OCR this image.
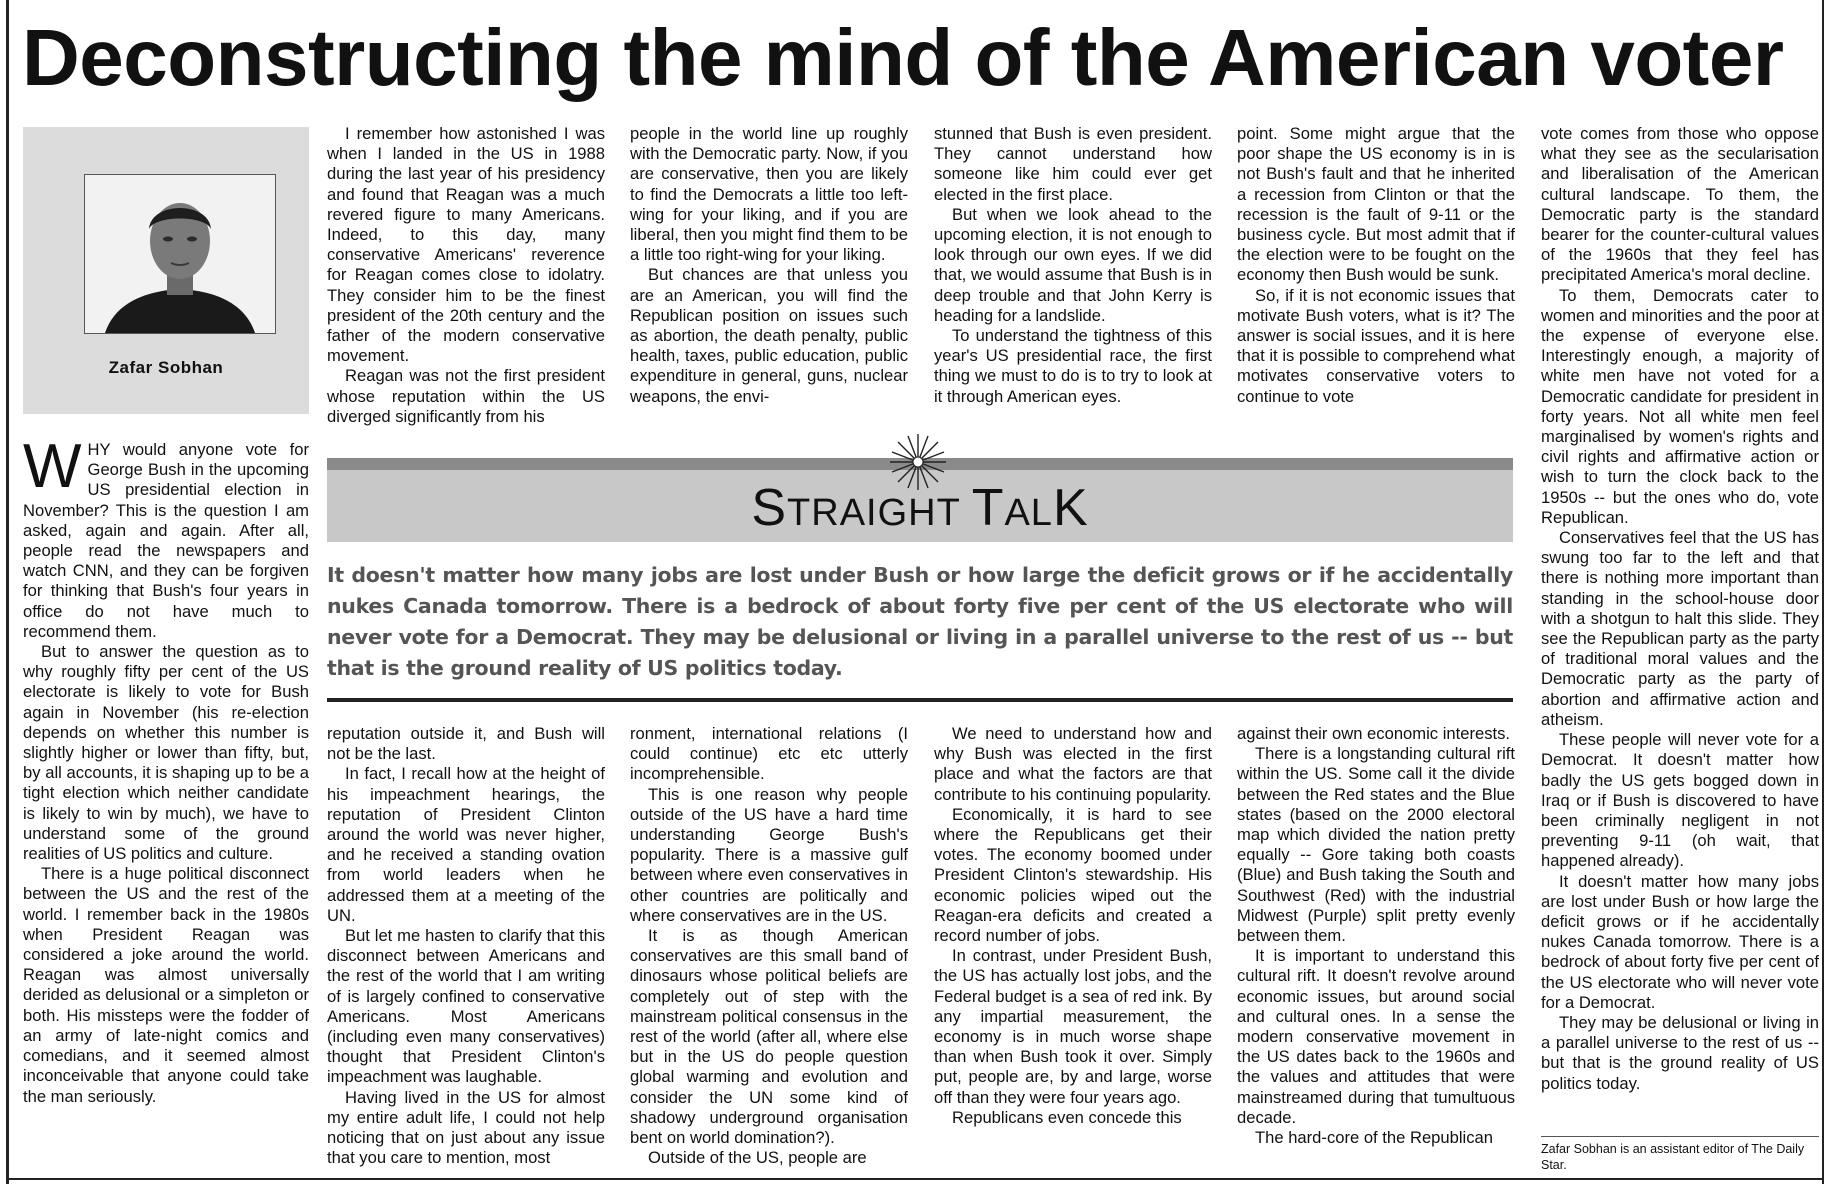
Deconstructing the mind of the American voter
Zafar Sobhan

WHY would anyone vote for George Bush in the upcoming US presidential election in November? This is the question I am asked, again and again. After all, people read the newspapers and watch CNN, and they can be forgiven for thinking that Bush's four years in office do not have much to recommend them.

But to answer the question as to why roughly fifty per cent of the US electorate is likely to vote for Bush again in November (his re-election depends on whether this number is slightly higher or lower than fifty, but, by all accounts, it is shaping up to be a tight election which neither candidate is likely to win by much), we have to understand some of the ground realities of US politics and culture.

There is a huge political disconnect between the US and the rest of the world. I remember back in the 1980s when President Reagan was considered a joke around the world. Reagan was almost universally derided as delusional or a simpleton or both. His missteps were the fodder of an army of late-night comics and comedians, and it seemed almost inconceivable that anyone could take the man seriously.

I remember how astonished I was when I landed in the US in 1988 during the last year of his presidency and found that Reagan was a much revered figure to many Americans. Indeed, to this day, many conservative Americans' reverence for Reagan comes close to idolatry. They consider him to be the finest president of the 20th century and the father of the modern conservative movement.

Reagan was not the first president whose reputation within the US diverged significantly from his

people in the world line up roughly with the Democratic party. Now, if you are conservative, then you are likely to find the Democrats a little too left-wing for your liking, and if you are liberal, then you might find them to be a little too right-wing for your liking.

But chances are that unless you are an American, you will find the Republican position on issues such as abortion, the death penalty, public health, taxes, public education, public expenditure in general, guns, nuclear weapons, the envi-

stunned that Bush is even president. They cannot understand how someone like him could ever get elected in the first place.

But when we look ahead to the upcoming election, it is not enough to look through our own eyes. If we did that, we would assume that Bush is in deep trouble and that John Kerry is heading for a landslide.

To understand the tightness of this year's US presidential race, the first thing we must to do is to try to look at it through American eyes.

point. Some might argue that the poor shape the US economy is in is not Bush's fault and that he inherited a recession from Clinton or that the recession is the fault of 9-11 or the business cycle. But most admit that if the election were to be fought on the economy then Bush would be sunk.

So, if it is not economic issues that motivate Bush voters, what is it? The answer is social issues, and it is here that it is possible to comprehend what motivates conservative voters to continue to vote

vote comes from those who oppose what they see as the secularisation and liberalisation of the American cultural landscape. To them, the Democratic party is the standard bearer for the counter-cultural values of the 1960s that they feel has precipitated America's moral decline.

To them, Democrats cater to women and minorities and the poor at the expense of everyone else. Interestingly enough, a majority of white men have not voted for a Democratic candidate for president in forty years. Not all white men feel marginalised by women's rights and civil rights and affirmative action or wish to turn the clock back to the 1950s -- but the ones who do, vote Republican.

Conservatives feel that the US has swung too far to the left and that there is nothing more important than standing in the school-house door with a shotgun to halt this slide. They see the Republican party as the party of traditional moral values and the Democratic party as the party of abortion and affirmative action and atheism.

These people will never vote for a Democrat. It doesn't matter how badly the US gets bogged down in Iraq or if Bush is discovered to have been criminally negligent in not preventing 9-11 (oh wait, that happened already).

It doesn't matter how many jobs are lost under Bush or how large the deficit grows or if he accidentally nukes Canada tomorrow. There is a bedrock of about forty five per cent of the US electorate who will never vote for a Democrat.

They may be delusional or living in a parallel universe to the rest of us -- but that is the ground reality of US politics today.

STRAIGHT TALK
It doesn't matter how many jobs are lost under Bush or how large the deficit grows or if he accidentally nukes Canada tomorrow. There is a bedrock of about forty five per cent of the US electorate who will never vote for a Democrat. They may be delusional or living in a parallel universe to the rest of us -- but that is the ground reality of US politics today.

reputation outside it, and Bush will not be the last.

In fact, I recall how at the height of his impeachment hearings, the reputation of President Clinton around the world was never higher, and he received a standing ovation from world leaders when he addressed them at a meeting of the UN.

But let me hasten to clarify that this disconnect between Americans and the rest of the world that I am writing of is largely confined to conservative Americans. Most Americans (including even many conservatives) thought that President Clinton's impeachment was laughable.

Having lived in the US for almost my entire adult life, I could not help noticing that on just about any issue that you care to mention, most

ronment, international relations (I could continue) etc etc utterly incomprehensible.

This is one reason why people outside of the US have a hard time understanding George Bush's popularity. There is a massive gulf between where even conservatives in other countries are politically and where conservatives are in the US.

It is as though American conservatives are this small band of dinosaurs whose political beliefs are completely out of step with the mainstream political consensus in the rest of the world (after all, where else but in the US do people question global warming and evolution and consider the UN some kind of shadowy underground organisation bent on world domination?).

Outside of the US, people are

We need to understand how and why Bush was elected in the first place and what the factors are that contribute to his continuing popularity.

Economically, it is hard to see where the Republicans get their votes. The economy boomed under President Clinton's stewardship. His economic policies wiped out the Reagan-era deficits and created a record number of jobs.

In contrast, under President Bush, the US has actually lost jobs, and the Federal budget is a sea of red ink. By any impartial measurement, the economy is in much worse shape than when Bush took it over. Simply put, people are, by and large, worse off than they were four years ago.

Republicans even concede this

against their own economic interests.

There is a longstanding cultural rift within the US. Some call it the divide between the Red states and the Blue states (based on the 2000 electoral map which divided the nation pretty equally -- Gore taking both coasts (Blue) and Bush taking the South and Southwest (Red) with the industrial Midwest (Purple) split pretty evenly between them.

It is important to understand this cultural rift. It doesn't revolve around economic issues, but around social and cultural ones. In a sense the modern conservative movement in the US dates back to the 1960s and the values and attitudes that were mainstreamed during that tumultuous decade.

The hard-core of the Republican

Zafar Sobhan is an assistant editor of The Daily Star.
